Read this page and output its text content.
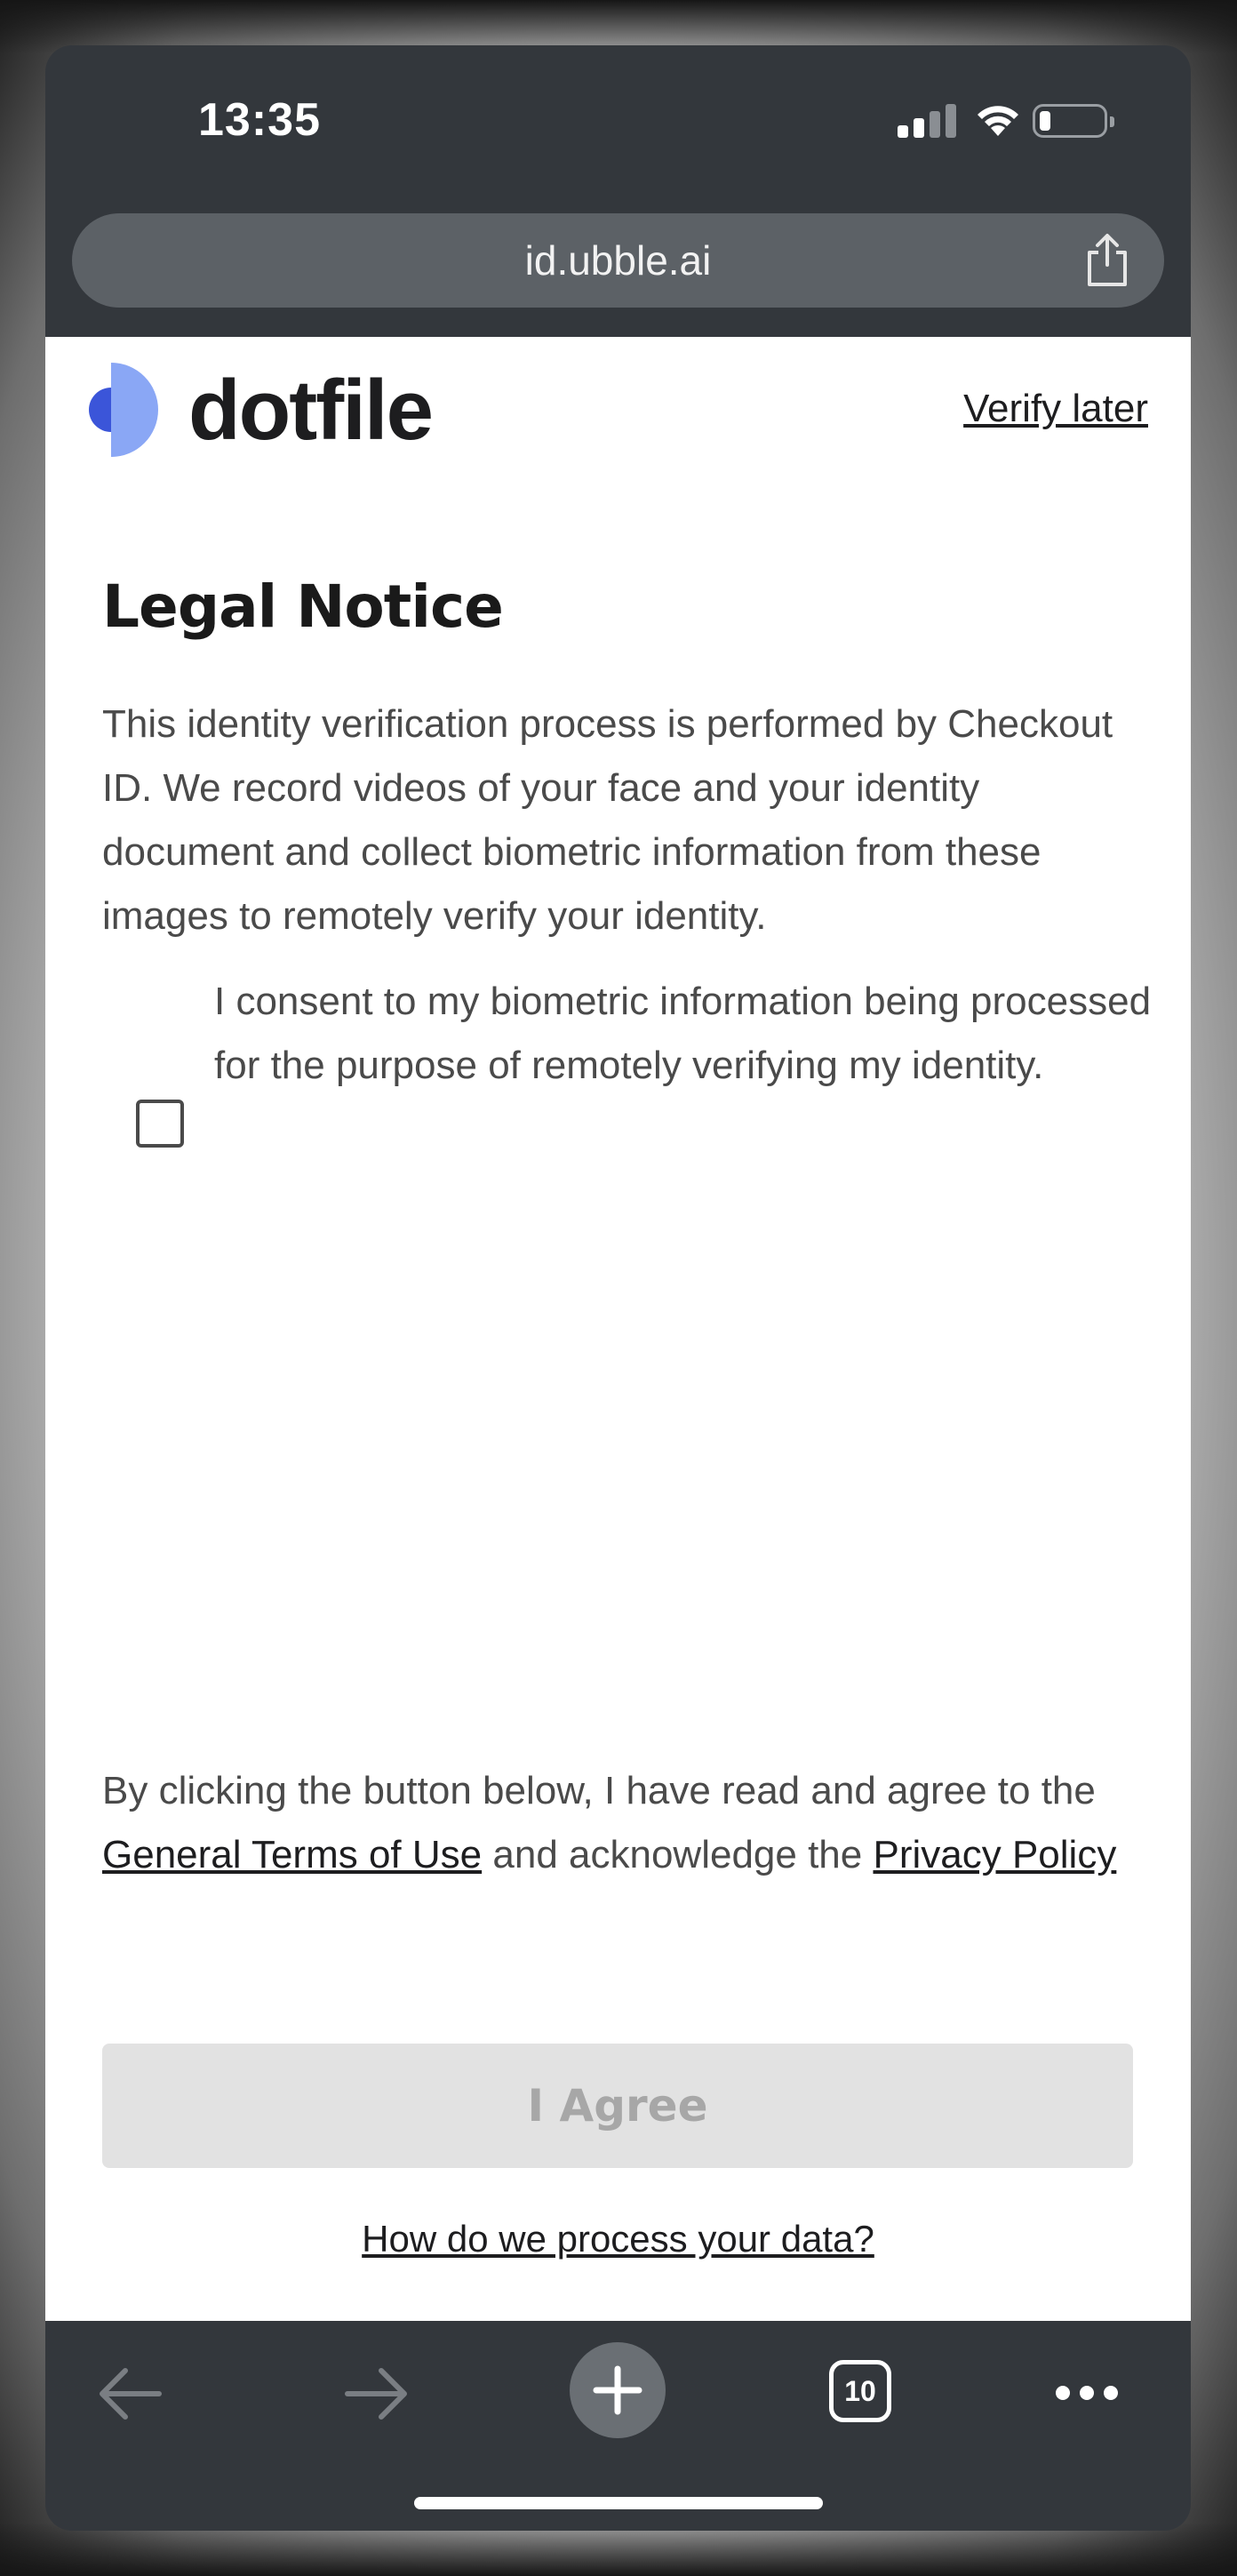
13:35
id.ubble.ai
dotfile	Verify later
Legal Notice
This identity verification process is performed by Checkout ID. We record videos of your face and your identity document and collect biometric information from these images to remotely verify your identity.
I consent to my biometric information being processed for the purpose of remotely verifying my identity.
By clicking the button below, I have read and agree to the General Terms of Use and acknowledge the Privacy Policy
I Agree
How do we process your data?
10
